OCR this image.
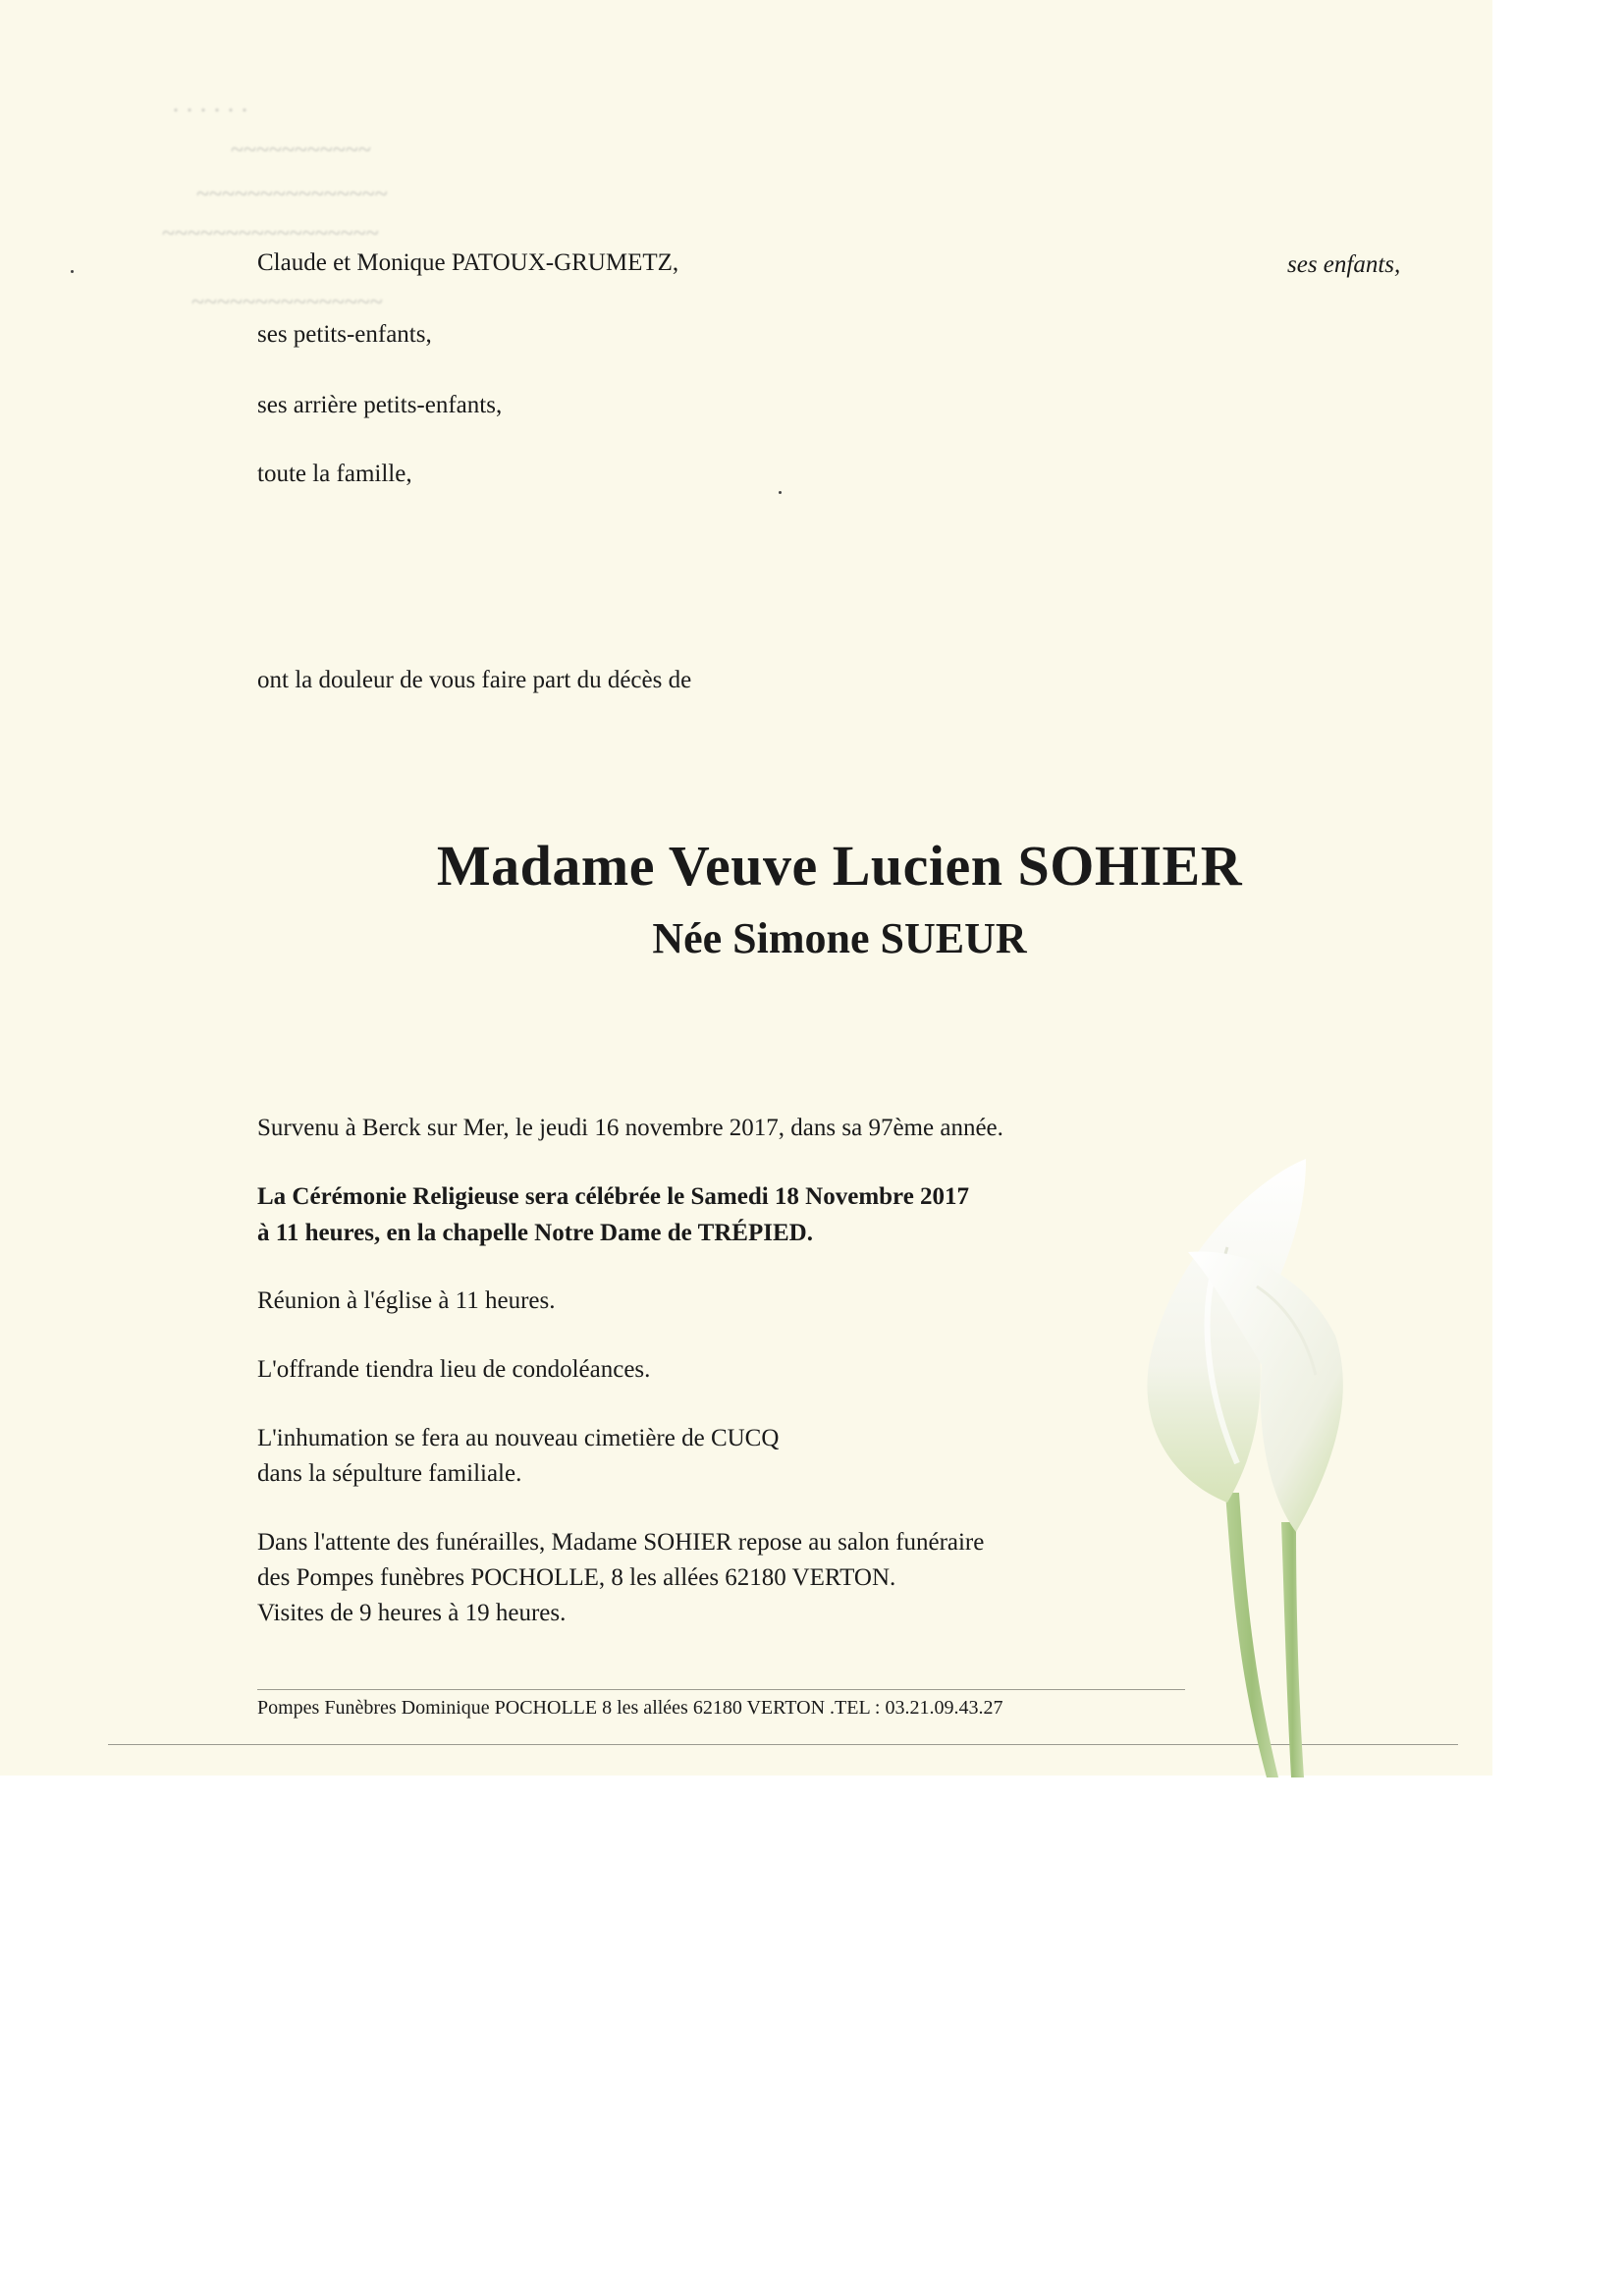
· · · · · ·
~~~~~~~~~~~
~~~~~~~~~~~~~~~
~~~~~~~~~~~~~~~~~
~~~~~~~~~~~~~~~
Claude et Monique PATOUX-GRUMETZ,	ses enfants,
ses petits-enfants,
ses arrière petits-enfants,
toute la famille,
ont la douleur de vous faire part du décès de
Madame Veuve Lucien SOHIER
Née Simone SUEUR
Survenu à Berck sur Mer, le jeudi 16 novembre 2017, dans sa 97ème année.
La Cérémonie Religieuse sera célébrée le Samedi 18 Novembre 2017
à 11 heures, en la chapelle Notre Dame de TRÉPIED.
Réunion à l'église à 11 heures.
L'offrande tiendra lieu de condoléances.
L'inhumation se fera au nouveau cimetière de CUCQ
dans la sépulture familiale.
Dans l'attente des funérailles, Madame SOHIER repose au salon funéraire
des Pompes funèbres POCHOLLE, 8 les allées 62180 VERTON.
Visites de 9 heures à 19 heures.
Pompes Funèbres Dominique POCHOLLE 8 les allées 62180 VERTON .TEL : 03.21.09.43.27
